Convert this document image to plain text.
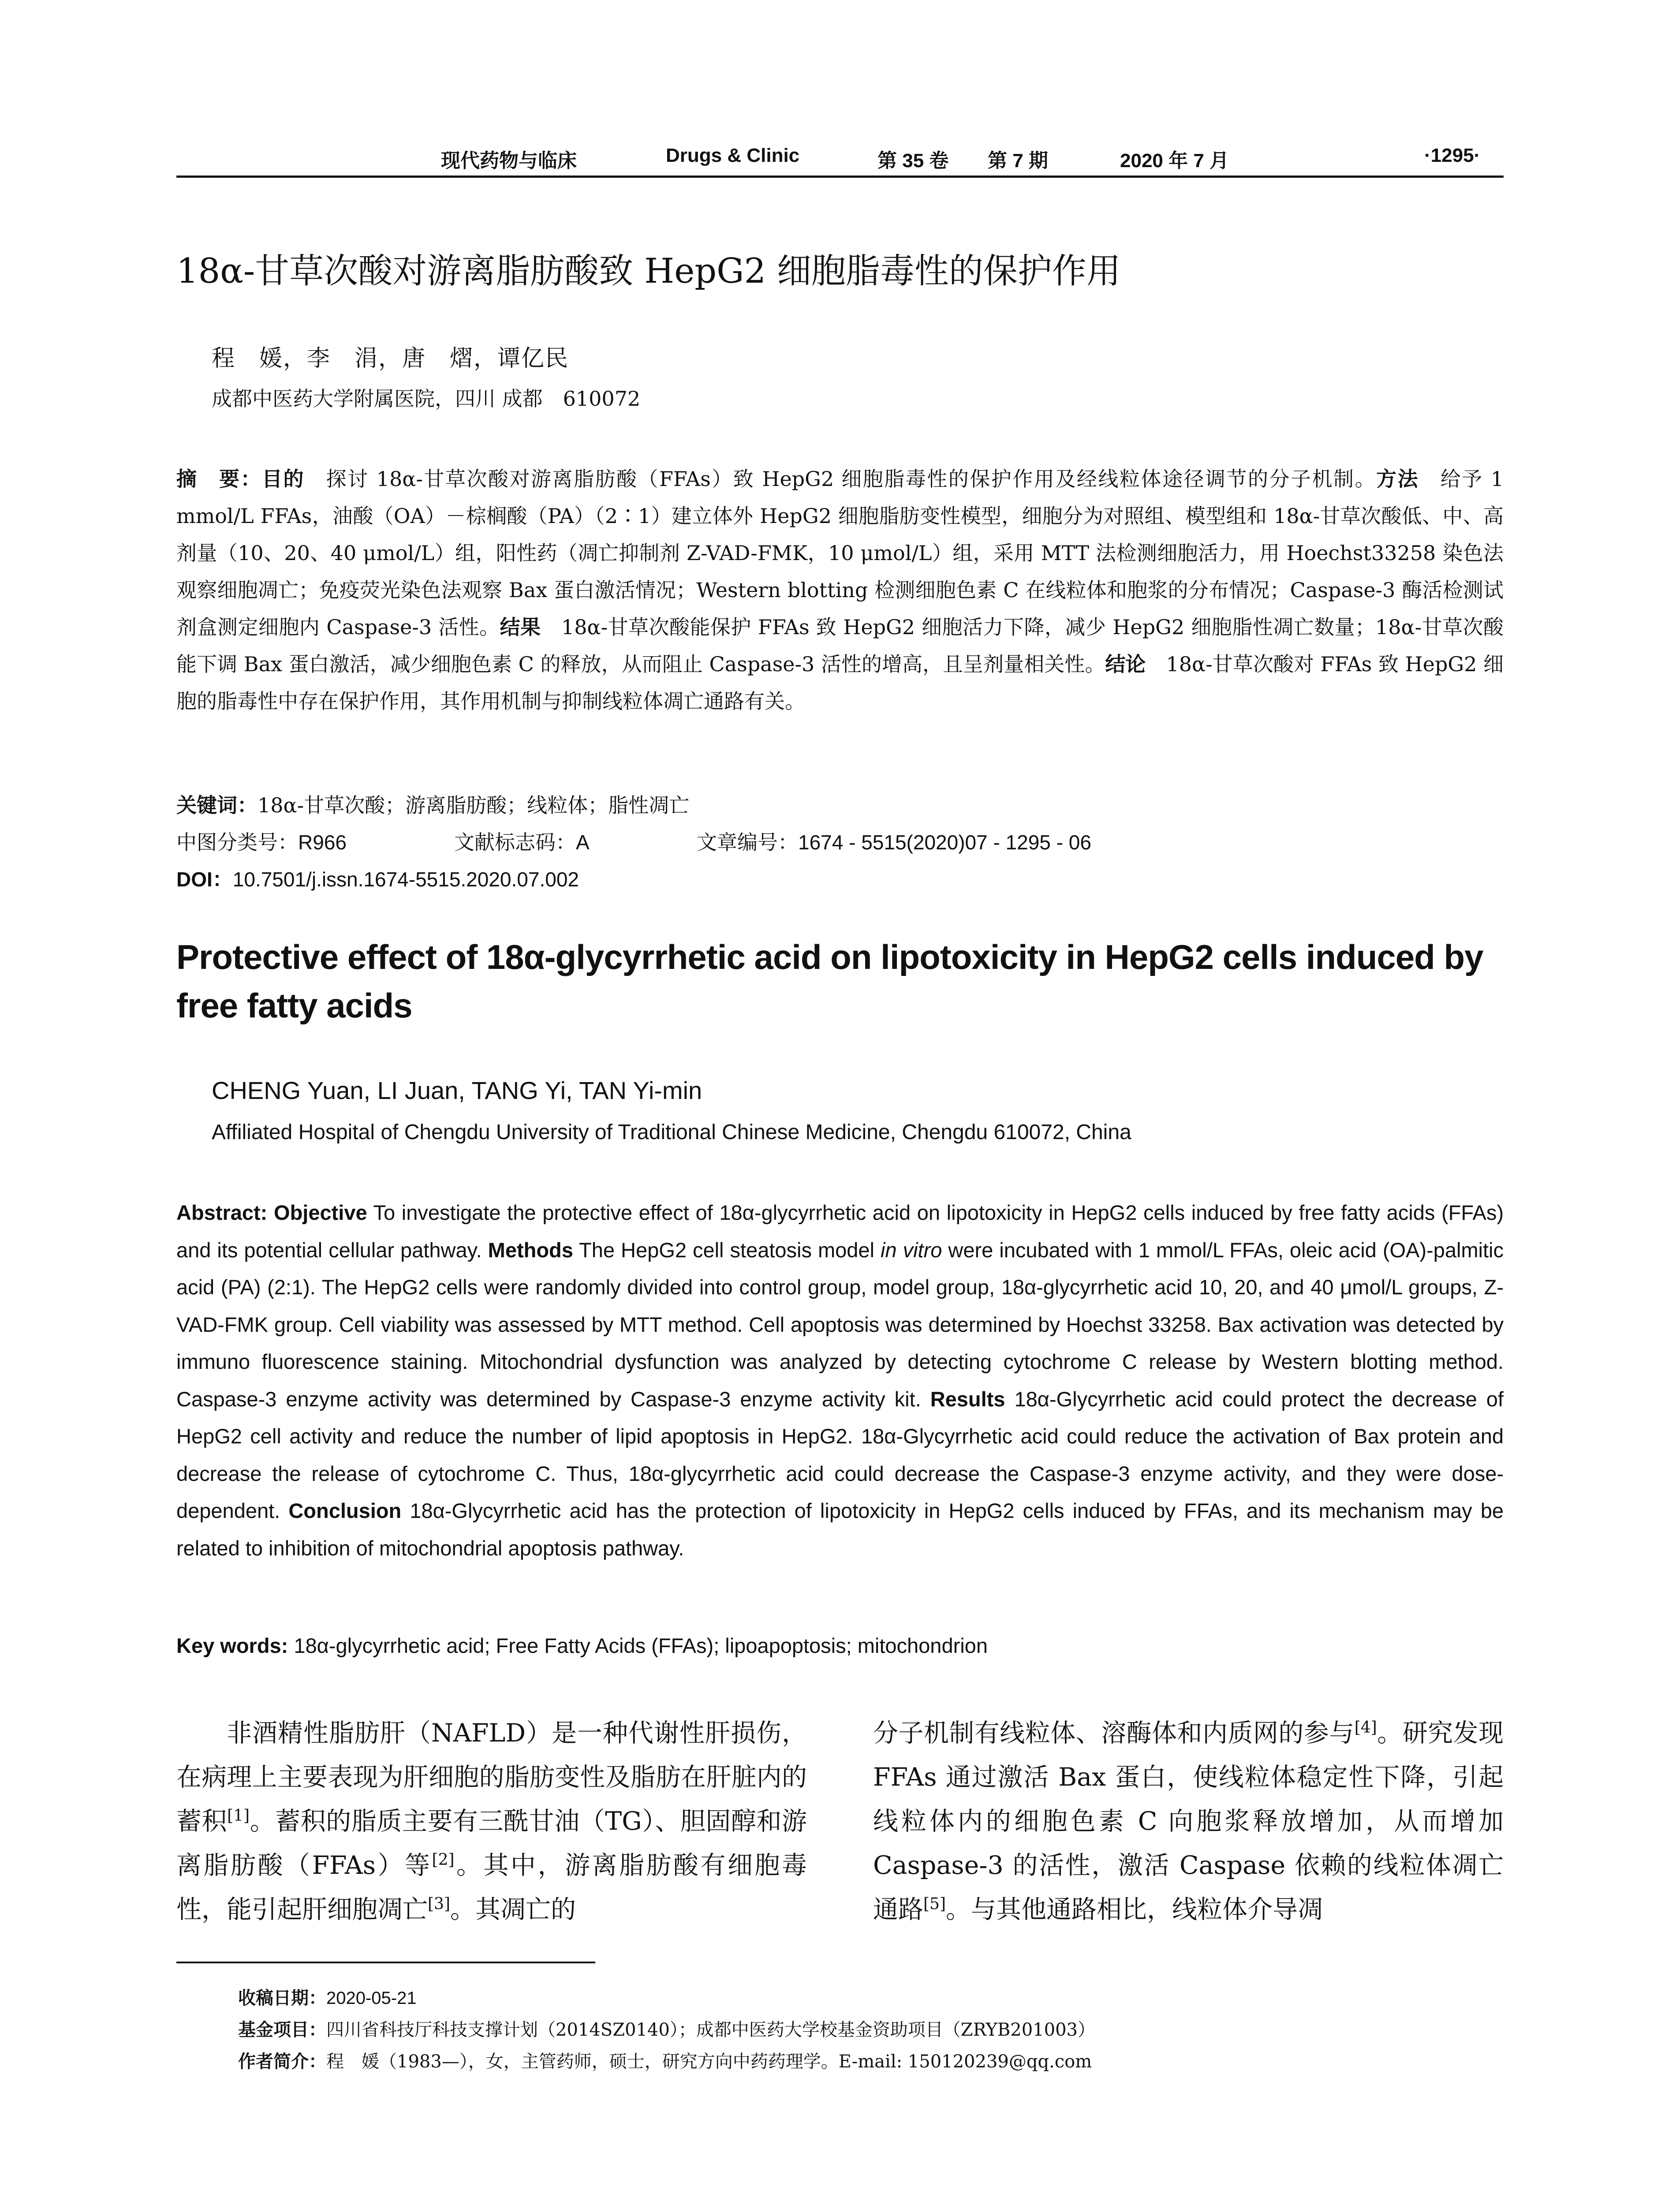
现代药物与临床	Drugs & Clinic	第 35 卷 第 7 期	2020 年 7 月	·1295·
18α-甘草次酸对游离脂肪酸致 HepG2 细胞脂毒性的保护作用
程　媛，李　涓，唐　熠，谭亿民
成都中医药大学附属医院，四川 成都　610072
摘　要：目的　探讨 18α-甘草次酸对游离脂肪酸（FFAs）致 HepG2 细胞脂毒性的保护作用及经线粒体途径调节的分子机制。方法　给予 1 mmol/L FFAs，油酸（OA）－棕榈酸（PA）（2∶1）建立体外 HepG2 细胞脂肪变性模型，细胞分为对照组、模型组和 18α-甘草次酸低、中、高剂量（10、20、40 μmol/L）组，阳性药（凋亡抑制剂 Z-VAD-FMK，10 μmol/L）组，采用 MTT 法检测细胞活力，用 Hoechst33258 染色法观察细胞凋亡；免疫荧光染色法观察 Bax 蛋白激活情况；Western blotting 检测细胞色素 C 在线粒体和胞浆的分布情况；Caspase-3 酶活检测试剂盒测定细胞内 Caspase-3 活性。结果　18α-甘草次酸能保护 FFAs 致 HepG2 细胞活力下降，减少 HepG2 细胞脂性凋亡数量；18α-甘草次酸能下调 Bax 蛋白激活，减少细胞色素 C 的释放，从而阻止 Caspase-3 活性的增高，且呈剂量相关性。结论　18α-甘草次酸对 FFAs 致 HepG2 细胞的脂毒性中存在保护作用，其作用机制与抑制线粒体凋亡通路有关。
关键词：18α-甘草次酸；游离脂肪酸；线粒体；脂性凋亡
中图分类号：R966	文献标志码：A	文章编号：1674 - 5515(2020)07 - 1295 - 06
DOI：10.7501/j.issn.1674-5515.2020.07.002
Protective effect of 18α-glycyrrhetic acid on lipotoxicity in HepG2 cells induced by free fatty acids
CHENG Yuan, LI Juan, TANG Yi, TAN Yi-min
Affiliated Hospital of Chengdu University of Traditional Chinese Medicine, Chengdu 610072, China
Abstract: Objective To investigate the protective effect of 18α-glycyrrhetic acid on lipotoxicity in HepG2 cells induced by free fatty acids (FFAs) and its potential cellular pathway. Methods The HepG2 cell steatosis model in vitro were incubated with 1 mmol/L FFAs, oleic acid (OA)-palmitic acid (PA) (2:1). The HepG2 cells were randomly divided into control group, model group, 18α-glycyrrhetic acid 10, 20, and 40 μmol/L groups, Z-VAD-FMK group. Cell viability was assessed by MTT method. Cell apoptosis was determined by Hoechst 33258. Bax activation was detected by immuno fluorescence staining. Mitochondrial dysfunction was analyzed by detecting cytochrome C release by Western blotting method. Caspase-3 enzyme activity was determined by Caspase-3 enzyme activity kit. Results 18α-Glycyrrhetic acid could protect the decrease of HepG2 cell activity and reduce the number of lipid apoptosis in HepG2. 18α-Glycyrrhetic acid could reduce the activation of Bax protein and decrease the release of cytochrome C. Thus, 18α-glycyrrhetic acid could decrease the Caspase-3 enzyme activity, and they were dose-dependent. Conclusion 18α-Glycyrrhetic acid has the protection of lipotoxicity in HepG2 cells induced by FFAs, and its mechanism may be related to inhibition of mitochondrial apoptosis pathway.
Key words: 18α-glycyrrhetic acid; Free Fatty Acids (FFAs); lipoapoptosis; mitochondrion
非酒精性脂肪肝（NAFLD）是一种代谢性肝损伤，在病理上主要表现为肝细胞的脂肪变性及脂肪在肝脏内的蓄积[1]。蓄积的脂质主要有三酰甘油（TG）、胆固醇和游离脂肪酸（FFAs）等[2]。其中，游离脂肪酸有细胞毒性，能引起肝细胞凋亡[3]。其凋亡的
分子机制有线粒体、溶酶体和内质网的参与[4]。研究发现 FFAs 通过激活 Bax 蛋白，使线粒体稳定性下降，引起线粒体内的细胞色素 C 向胞浆释放增加，从而增加 Caspase-3 的活性，激活 Caspase 依赖的线粒体凋亡通路[5]。与其他通路相比，线粒体介导凋
收稿日期：2020-05-21
基金项目：四川省科技厅科技支撑计划（2014SZ0140）；成都中医药大学校基金资助项目（ZRYB201003）
作者简介：程　媛（1983—），女，主管药师，硕士，研究方向中药药理学。E-mail: 150120239@qq.com
